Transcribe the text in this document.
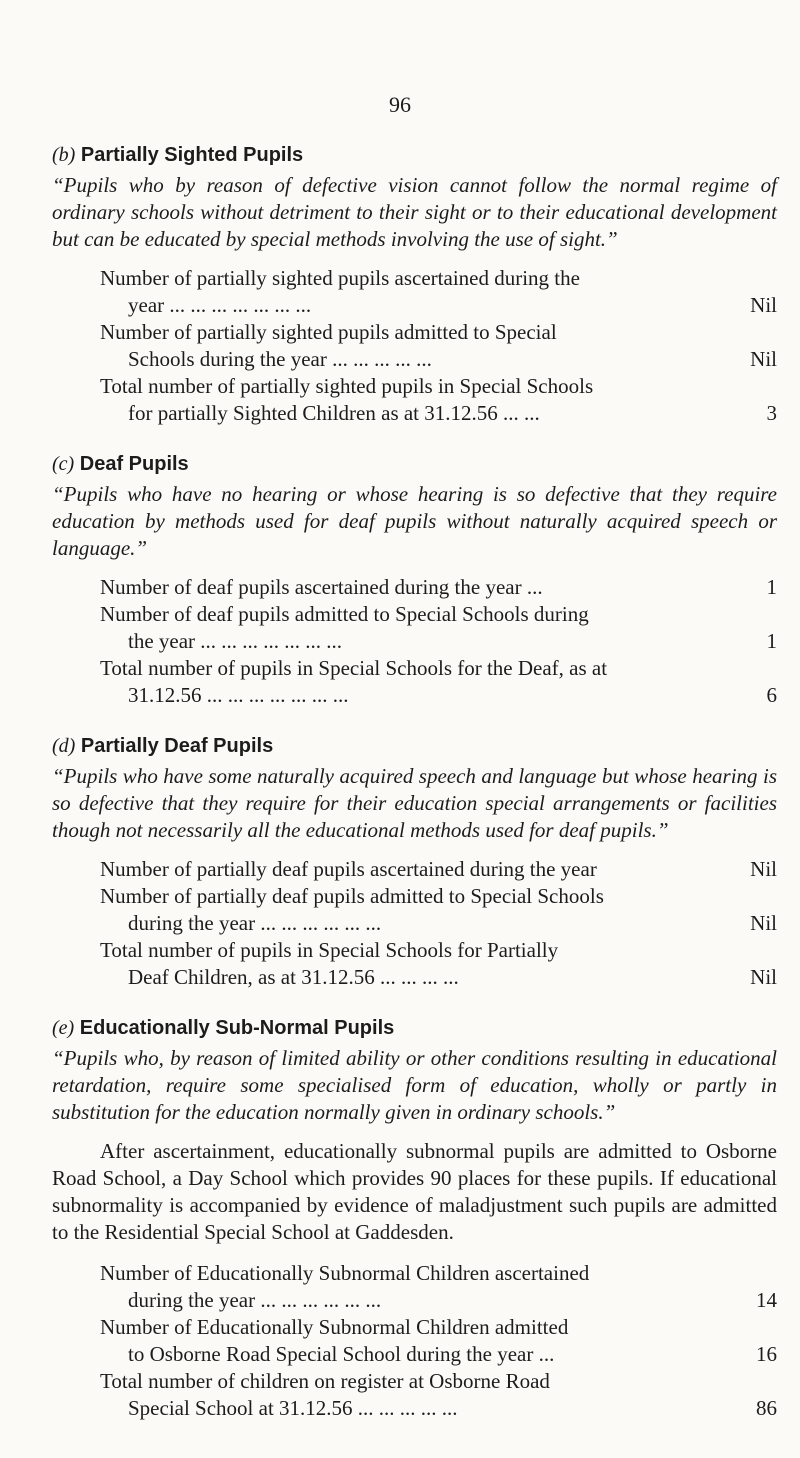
96

(b) Partially Sighted Pupils

“Pupils who by reason of defective vision cannot follow the normal regime of ordinary schools without detriment to their sight or to their educational development but can be educated by special methods involving the use of sight.”

Number of partially sighted pupils ascertained during the
year ... ... ... ... ... ... ...	Nil
Number of partially sighted pupils admitted to Special
Schools during the year ... ... ... ... ...	Nil
Total number of partially sighted pupils in Special Schools
for partially Sighted Children as at 31.12.56 ... ...	3

(c) Deaf Pupils

“Pupils who have no hearing or whose hearing is so defective that they require education by methods used for deaf pupils without naturally acquired speech or language.”

Number of deaf pupils ascertained during the year ...	1
Number of deaf pupils admitted to Special Schools during
the year ... ... ... ... ... ... ...	1
Total number of pupils in Special Schools for the Deaf, as at
31.12.56 ... ... ... ... ... ... ...	6

(d) Partially Deaf Pupils

“Pupils who have some naturally acquired speech and language but whose hearing is so defective that they require for their education special arrangements or facilities though not necessarily all the educational methods used for deaf pupils.”

Number of partially deaf pupils ascertained during the year	Nil
Number of partially deaf pupils admitted to Special Schools
during the year ... ... ... ... ... ...	Nil
Total number of pupils in Special Schools for Partially
Deaf Children, as at 31.12.56 ... ... ... ...	Nil

(e) Educationally Sub-Normal Pupils

“Pupils who, by reason of limited ability or other conditions resulting in educational retardation, require some specialised form of education, wholly or partly in substitution for the education normally given in ordinary schools.”

After ascertainment, educationally subnormal pupils are admitted to Osborne Road School, a Day School which provides 90 places for these pupils. If educational subnormality is accompanied by evidence of maladjustment such pupils are admitted to the Residential Special School at Gaddesden.

Number of Educationally Subnormal Children ascertained
during the year ... ... ... ... ... ...	14
Number of Educationally Subnormal Children admitted
to Osborne Road Special School during the year ...	16
Total number of children on register at Osborne Road
Special School at 31.12.56 ... ... ... ... ...	86
